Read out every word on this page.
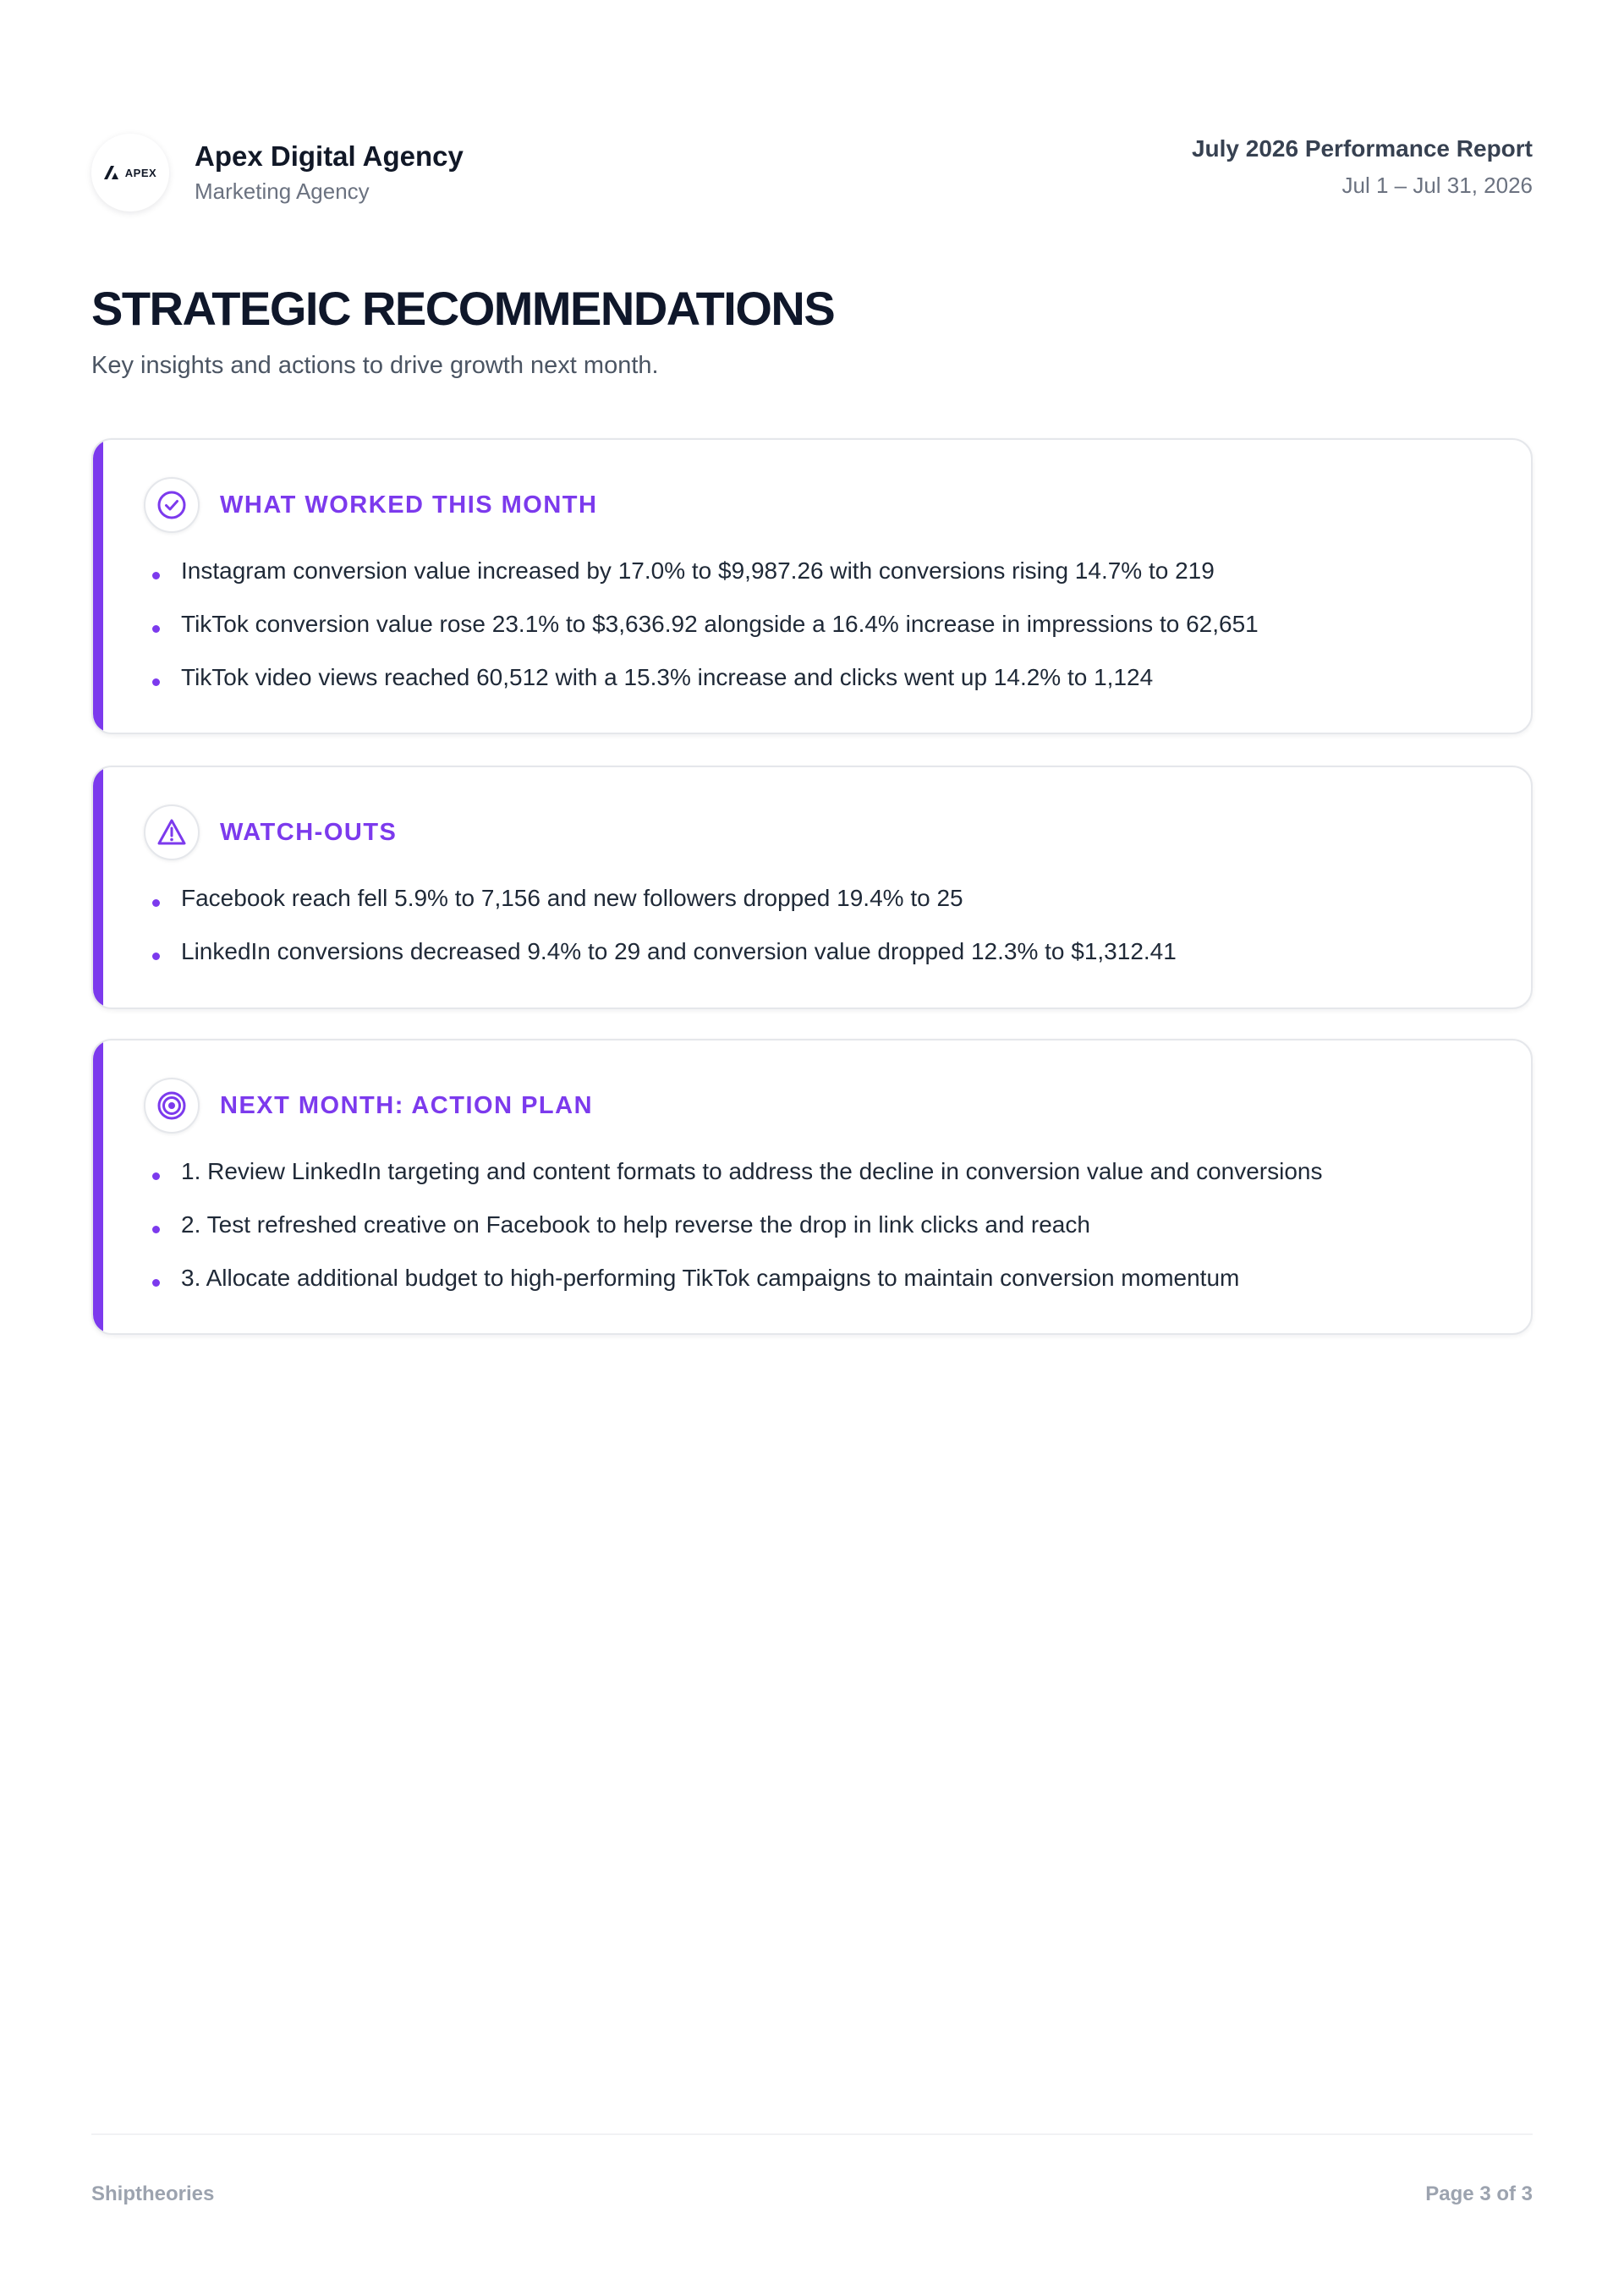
APEX
Apex Digital Agency
Marketing Agency
July 2026 Performance Report
Jul 1 – Jul 31, 2026
STRATEGIC RECOMMENDATIONS
Key insights and actions to drive growth next month.
WHAT WORKED THIS MONTH
Instagram conversion value increased by 17.0% to $9,987.26 with conversions rising 14.7% to 219
TikTok conversion value rose 23.1% to $3,636.92 alongside a 16.4% increase in impressions to 62,651
TikTok video views reached 60,512 with a 15.3% increase and clicks went up 14.2% to 1,124
WATCH-OUTS
Facebook reach fell 5.9% to 7,156 and new followers dropped 19.4% to 25
LinkedIn conversions decreased 9.4% to 29 and conversion value dropped 12.3% to $1,312.41
NEXT MONTH: ACTION PLAN
1. Review LinkedIn targeting and content formats to address the decline in conversion value and conversions
2. Test refreshed creative on Facebook to help reverse the drop in link clicks and reach
3. Allocate additional budget to high-performing TikTok campaigns to maintain conversion momentum
Shiptheories	Page 3 of 3
